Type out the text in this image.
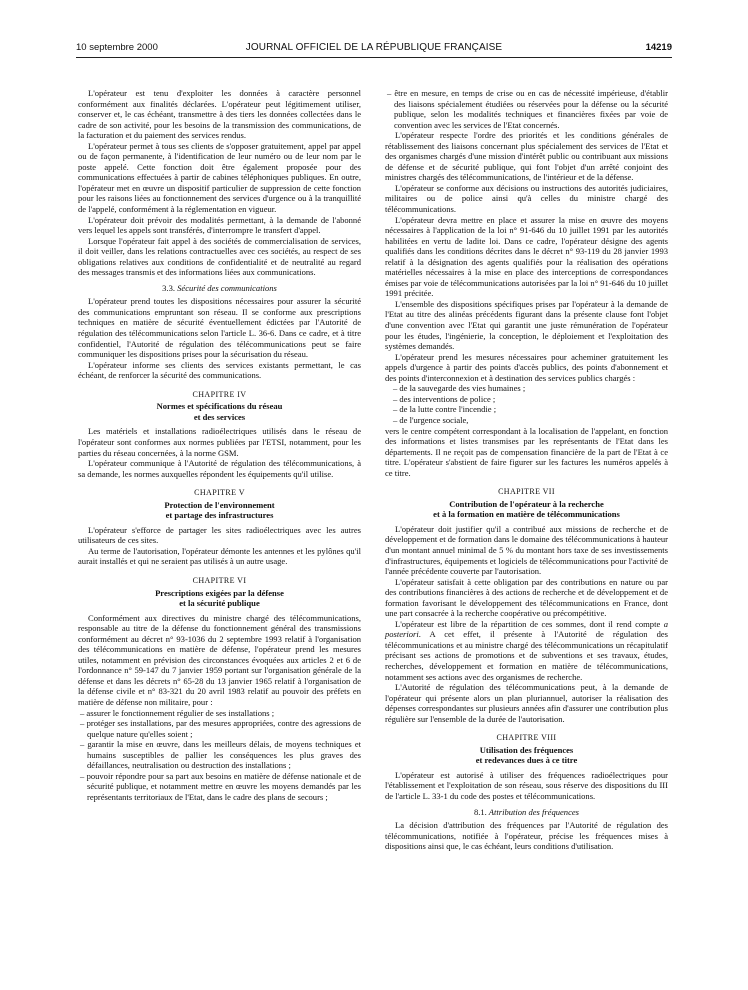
10 septembre 2000	JOURNAL OFFICIEL DE LA RÉPUBLIQUE FRANÇAISE	14219

L'opérateur est tenu d'exploiter les données à caractère personnel conformément aux finalités déclarées. L'opérateur peut légitimement utiliser, conserver et, le cas échéant, transmettre à des tiers les données collectées dans le cadre de son activité, pour les besoins de la transmission des communications, de la facturation et du paiement des services rendus.

L'opérateur permet à tous ses clients de s'opposer gratuitement, appel par appel ou de façon permanente, à l'identification de leur numéro ou de leur nom par le poste appelé. Cette fonction doit être également proposée pour des communications effectuées à partir de cabines téléphoniques publiques. En outre, l'opérateur met en œuvre un dispositif particulier de suppression de cette fonction pour les raisons liées au fonctionnement des services d'urgence ou à la tranquillité de l'appelé, conformément à la réglementation en vigueur.

L'opérateur doit prévoir des modalités permettant, à la demande de l'abonné vers lequel les appels sont transférés, d'interrompre le transfert d'appel.

Lorsque l'opérateur fait appel à des sociétés de commercialisation de services, il doit veiller, dans les relations contractuelles avec ces sociétés, au respect de ses obligations relatives aux conditions de confidentialité et de neutralité au regard des messages transmis et des informations liées aux communications.

3.3. Sécurité des communications

L'opérateur prend toutes les dispositions nécessaires pour assurer la sécurité des communications empruntant son réseau. Il se conforme aux prescriptions techniques en matière de sécurité éventuellement édictées par l'Autorité de régulation des télécommunications selon l'article L. 36-6. Dans ce cadre, et à titre confidentiel, l'Autorité de régulation des télécommunications peut se faire communiquer les dispositions prises pour la sécurisation du réseau.

L'opérateur informe ses clients des services existants permettant, le cas échéant, de renforcer la sécurité des communications.

CHAPITRE IV
Normes et spécifications du réseau
et des services

Les matériels et installations radioélectriques utilisés dans le réseau de l'opérateur sont conformes aux normes publiées par l'ETSI, notamment, pour les parties du réseau concernées, à la norme GSM.

L'opérateur communique à l'Autorité de régulation des télécommunications, à sa demande, les normes auxquelles répondent les équipements qu'il utilise.

CHAPITRE V
Protection de l'environnement
et partage des infrastructures

L'opérateur s'efforce de partager les sites radioélectriques avec les autres utilisateurs de ces sites.

Au terme de l'autorisation, l'opérateur démonte les antennes et les pylônes qu'il aurait installés et qui ne seraient pas utilisés à un autre usage.

CHAPITRE VI
Prescriptions exigées par la défense
et la sécurité publique

Conformément aux directives du ministre chargé des télécommunications, responsable au titre de la défense du fonctionnement général des transmissions conformément au décret n° 93-1036 du 2 septembre 1993 relatif à l'organisation des télécommunications en matière de défense, l'opérateur prend les mesures utiles, notamment en prévision des circonstances évoquées aux articles 2 et 6 de l'ordonnance n° 59-147 du 7 janvier 1959 portant sur l'organisation générale de la défense et dans les décrets n° 65-28 du 13 janvier 1965 relatif à l'organisation de la défense civile et n° 83-321 du 20 avril 1983 relatif au pouvoir des préfets en matière de défense non militaire, pour :

– assurer le fonctionnement régulier de ses installations ;
– protéger ses installations, par des mesures appropriées, contre des agressions de quelque nature qu'elles soient ;
– garantir la mise en œuvre, dans les meilleurs délais, de moyens techniques et humains susceptibles de pallier les conséquences les plus graves des défaillances, neutralisation ou destruction des installations ;
– pouvoir répondre pour sa part aux besoins en matière de défense nationale et de sécurité publique, et notamment mettre en œuvre les moyens demandés par les représentants territoriaux de l'Etat, dans le cadre des plans de secours ;
– être en mesure, en temps de crise ou en cas de nécessité impérieuse, d'établir des liaisons spécialement étudiées ou réservées pour la défense ou la sécurité publique, selon les modalités techniques et financières fixées par voie de convention avec les services de l'Etat concernés.

L'opérateur respecte l'ordre des priorités et les conditions générales de rétablissement des liaisons concernant plus spécialement des services de l'Etat et des organismes chargés d'une mission d'intérêt public ou contribuant aux missions de défense et de sécurité publique, qui font l'objet d'un arrêté conjoint des ministres chargés des télécommunications, de l'intérieur et de la défense.

L'opérateur se conforme aux décisions ou instructions des autorités judiciaires, militaires ou de police ainsi qu'à celles du ministre chargé des télécommunications.

L'opérateur devra mettre en place et assurer la mise en œuvre des moyens nécessaires à l'application de la loi n° 91-646 du 10 juillet 1991 par les autorités habilitées en vertu de ladite loi. Dans ce cadre, l'opérateur désigne des agents qualifiés dans les conditions décrites dans le décret n° 93-119 du 28 janvier 1993 relatif à la désignation des agents qualifiés pour la réalisation des opérations matérielles nécessaires à la mise en place des interceptions de correspondances émises par voie de télécommunications autorisées par la loi n° 91-646 du 10 juillet 1991 précitée.

L'ensemble des dispositions spécifiques prises par l'opérateur à la demande de l'Etat au titre des alinéas précédents figurant dans la présente clause font l'objet d'une convention avec l'Etat qui garantit une juste rémunération de l'opérateur pour les études, l'ingénierie, la conception, le déploiement et l'exploitation des systèmes demandés.

L'opérateur prend les mesures nécessaires pour acheminer gratuitement les appels d'urgence à partir des points d'accès publics, des points d'abonnement et des points d'interconnexion et à destination des services publics chargés :

– de la sauvegarde des vies humaines ;
– des interventions de police ;
– de la lutte contre l'incendie ;
– de l'urgence sociale,

vers le centre compétent correspondant à la localisation de l'appelant, en fonction des informations et listes transmises par les représentants de l'Etat dans les départements. Il ne reçoit pas de compensation financière de la part de l'Etat à ce titre. L'opérateur s'abstient de faire figurer sur les factures les numéros appelés à ce titre.

CHAPITRE VII
Contribution de l'opérateur à la recherche
et à la formation en matière de télécommunications

L'opérateur doit justifier qu'il a contribué aux missions de recherche et de développement et de formation dans le domaine des télécommunications à hauteur d'un montant annuel minimal de 5 % du montant hors taxe de ses investissements d'infrastructures, équipements et logiciels de télécommunications pour l'activité de l'année précédente couverte par l'autorisation.

L'opérateur satisfait à cette obligation par des contributions en nature ou par des contributions financières à des actions de recherche et de développement et de formation favorisant le développement des télécommunications en France, dont une part consacrée à la recherche coopérative ou précompétitive.

L'opérateur est libre de la répartition de ces sommes, dont il rend compte a posteriori. A cet effet, il présente à l'Autorité de régulation des télécommunications et au ministre chargé des télécommunications un récapitulatif précisant ses actions de promotions et de subventions et ses travaux, études, recherches, développement et formation en matière de télécommunications, notamment ses actions avec des organismes de recherche.

L'Autorité de régulation des télécommunications peut, à la demande de l'opérateur qui présente alors un plan pluriannuel, autoriser la réalisation des dépenses correspondantes sur plusieurs années afin d'assurer une contribution plus régulière sur l'ensemble de la durée de l'autorisation.

CHAPITRE VIII
Utilisation des fréquences
et redevances dues à ce titre

L'opérateur est autorisé à utiliser des fréquences radioélectriques pour l'établissement et l'exploitation de son réseau, sous réserve des dispositions du III de l'article L. 33-1 du code des postes et télécommunications.

8.1. Attribution des fréquences

La décision d'attribution des fréquences par l'Autorité de régulation des télécommunications, notifiée à l'opérateur, précise les fréquences mises à dispositions ainsi que, le cas échéant, leurs conditions d'utilisation.
